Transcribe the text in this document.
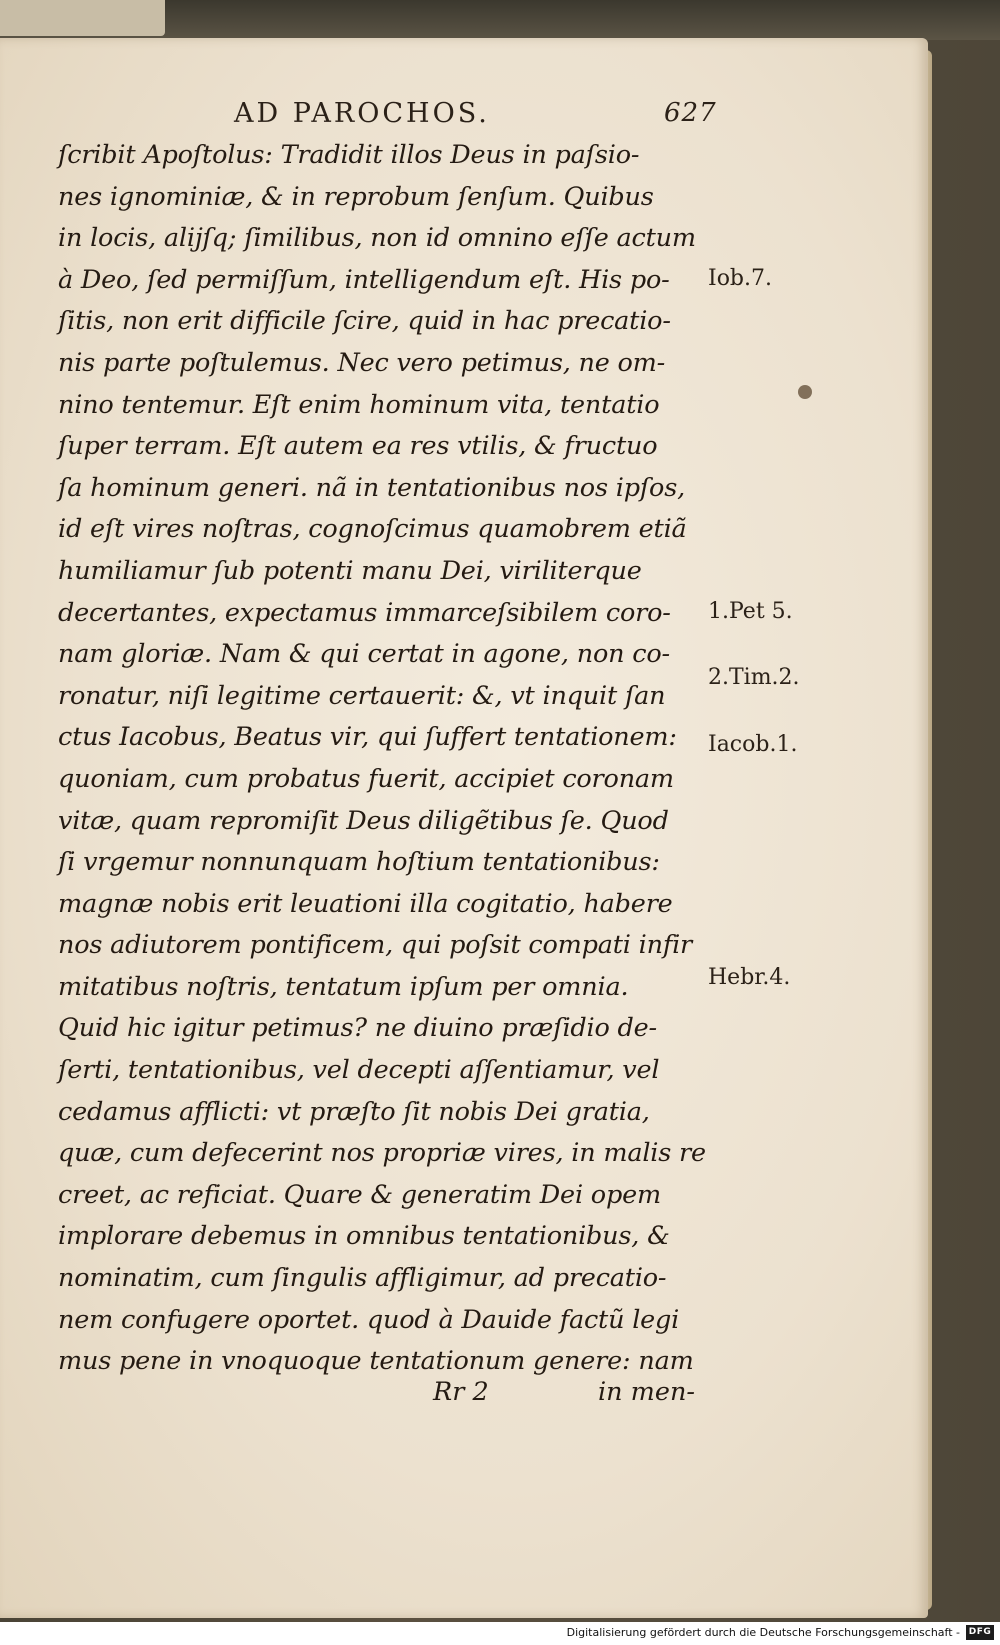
AD PAROCHOS.	627
ſcribit Apoſtolus: Tradidit illos Deus in paſsio-
nes ignominiæ, & in reprobum ſenſum. Quibus
in locis, alijſq; ſimilibus, non id omnino eſſe actum
à Deo, ſed permiſſum, intelligendum eſt. His po-
ſitis, non erit difficile ſcire, quid in hac precatio-
nis parte poſtulemus. Nec vero petimus, ne om-
nino tentemur. Eſt enim hominum vita, tentatio
ſuper terram. Eſt autem ea res vtilis, & fructuo
ſa hominum generi. nã in tentationibus nos ipſos,
id eſt vires noſtras, cognoſcimus quamobrem etiã
humiliamur ſub potenti manu Dei, viriliterque
decertantes, expectamus immarceſsibilem coro-
nam gloriæ. Nam & qui certat in agone, non co-
ronatur, niſi legitime certauerit: &, vt inquit ſan
ctus Iacobus, Beatus vir, qui ſuffert tentationem:
quoniam, cum probatus fuerit, accipiet coronam
vitæ, quam repromiſit Deus diligẽtibus ſe. Quod
ſi vrgemur nonnunquam hoſtium tentationibus:
magnæ nobis erit leuationi illa cogitatio, habere
nos adiutorem pontificem, qui poſsit compati infir
mitatibus noſtris, tentatum ipſum per omnia.
Quid hic igitur petimus? ne diuino præſidio de-
ſerti, tentationibus, vel decepti aſſentiamur, vel
cedamus afflicti: vt præſto ſit nobis Dei gratia,
quæ, cum defecerint nos propriæ vires, in malis re
creet, ac reficiat. Quare & generatim Dei opem
implorare debemus in omnibus tentationibus, &
nominatim, cum ſingulis affligimur, ad precatio-
nem confugere oportet. quod à Dauide factũ legi
mus pene in vnoquoque tentationum genere: nam
Iob.7.
1.Pet 5.
2.Tim.2.
Iacob.1.
Hebr.4.
Rr 2	in men-
Digitalisierung gefördert durch die Deutsche Forschungsgemeinschaft - DFG
